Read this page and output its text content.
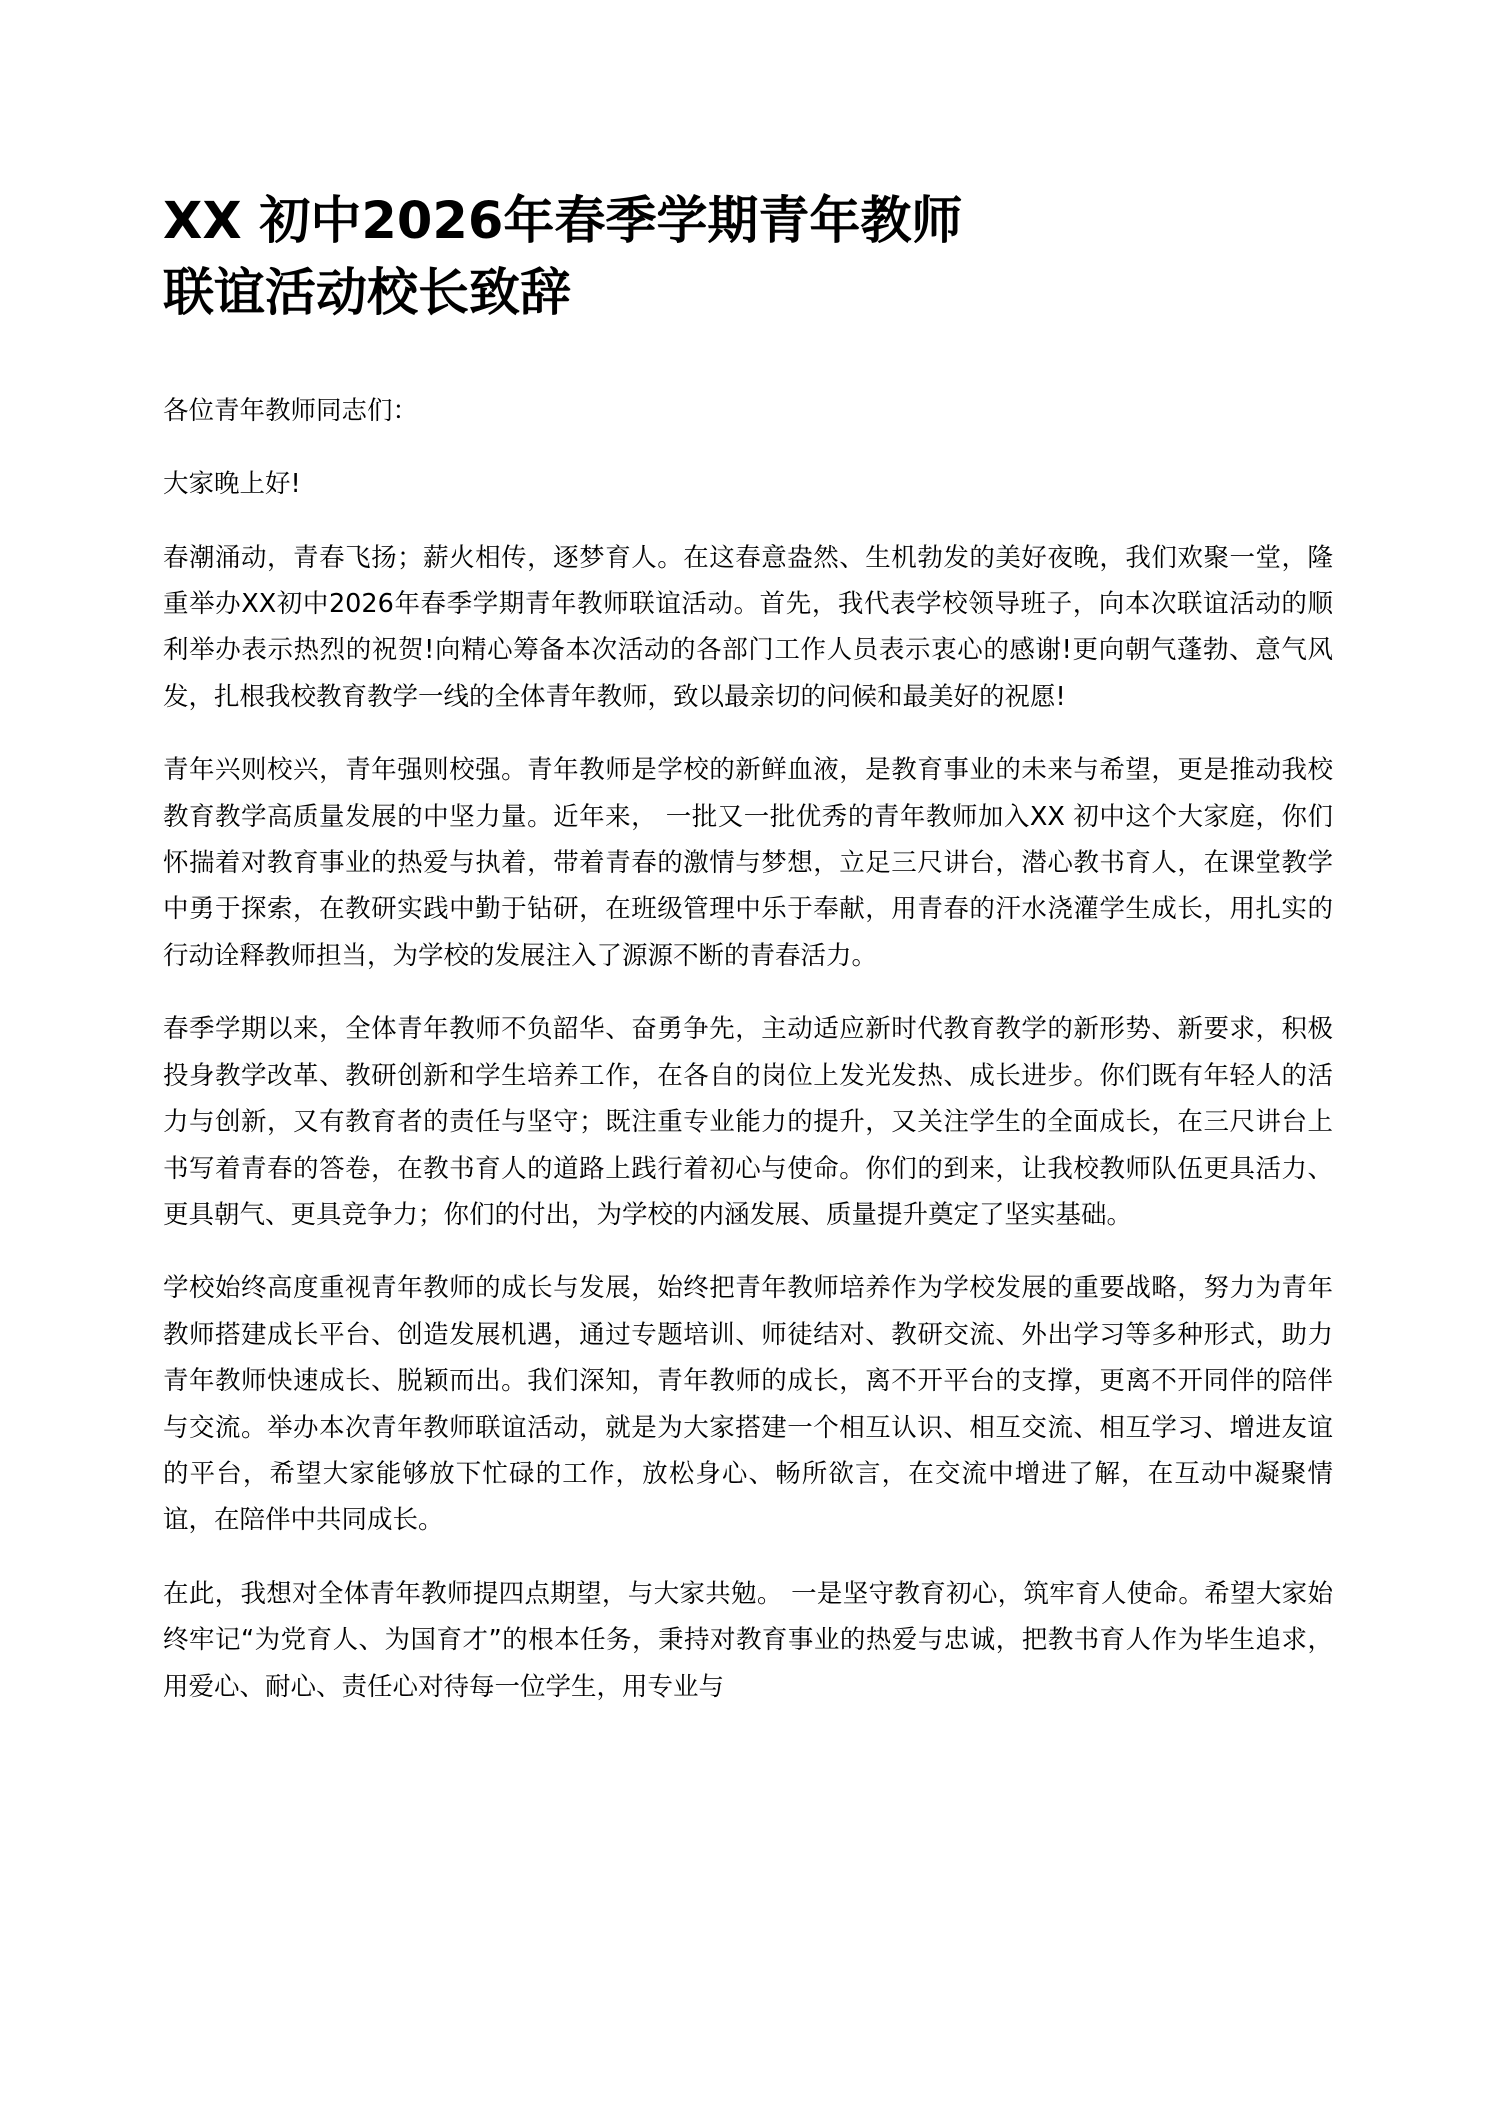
XX 初中2026年春季学期青年教师
联谊活动校长致辞

各位青年教师同志们：

大家晚上好!

春潮涌动，青春飞扬；薪火相传，逐梦育人。在这春意盎然、生机勃发的美好夜晚，我们欢聚一堂，隆重举办XX初中2026年春季学期青年教师联谊活动。首先，我代表学校领导班子，向本次联谊活动的顺利举办表示热烈的祝贺!向精心筹备本次活动的各部门工作人员表示衷心的感谢!更向朝气蓬勃、意气风发，扎根我校教育教学一线的全体青年教师，致以最亲切的问候和最美好的祝愿!

青年兴则校兴，青年强则校强。青年教师是学校的新鲜血液，是教育事业的未来与希望，更是推动我校教育教学高质量发展的中坚力量。近年来， 一批又一批优秀的青年教师加入XX 初中这个大家庭，你们怀揣着对教育事业的热爱与执着，带着青春的激情与梦想，立足三尺讲台，潜心教书育人，在课堂教学中勇于探索，在教研实践中勤于钻研，在班级管理中乐于奉献，用青春的汗水浇灌学生成长，用扎实的行动诠释教师担当，为学校的发展注入了源源不断的青春活力。

春季学期以来，全体青年教师不负韶华、奋勇争先，主动适应新时代教育教学的新形势、新要求，积极投身教学改革、教研创新和学生培养工作，在各自的岗位上发光发热、成长进步。你们既有年轻人的活力与创新，又有教育者的责任与坚守；既注重专业能力的提升，又关注学生的全面成长，在三尺讲台上书写着青春的答卷，在教书育人的道路上践行着初心与使命。你们的到来，让我校教师队伍更具活力、更具朝气、更具竞争力；你们的付出，为学校的内涵发展、质量提升奠定了坚实基础。

学校始终高度重视青年教师的成长与发展，始终把青年教师培养作为学校发展的重要战略，努力为青年教师搭建成长平台、创造发展机遇，通过专题培训、师徒结对、教研交流、外出学习等多种形式，助力青年教师快速成长、脱颖而出。我们深知，青年教师的成长，离不开平台的支撑，更离不开同伴的陪伴与交流。举办本次青年教师联谊活动，就是为大家搭建一个相互认识、相互交流、相互学习、增进友谊的平台，希望大家能够放下忙碌的工作，放松身心、畅所欲言，在交流中增进了解，在互动中凝聚情谊，在陪伴中共同成长。

在此，我想对全体青年教师提四点期望，与大家共勉。 一是坚守教育初心，筑牢育人使命。希望大家始终牢记“为党育人、为国育才”的根本任务，秉持对教育事业的热爱与忠诚，把教书育人作为毕生追求，用爱心、耐心、责任心对待每一位学生，用专业与
